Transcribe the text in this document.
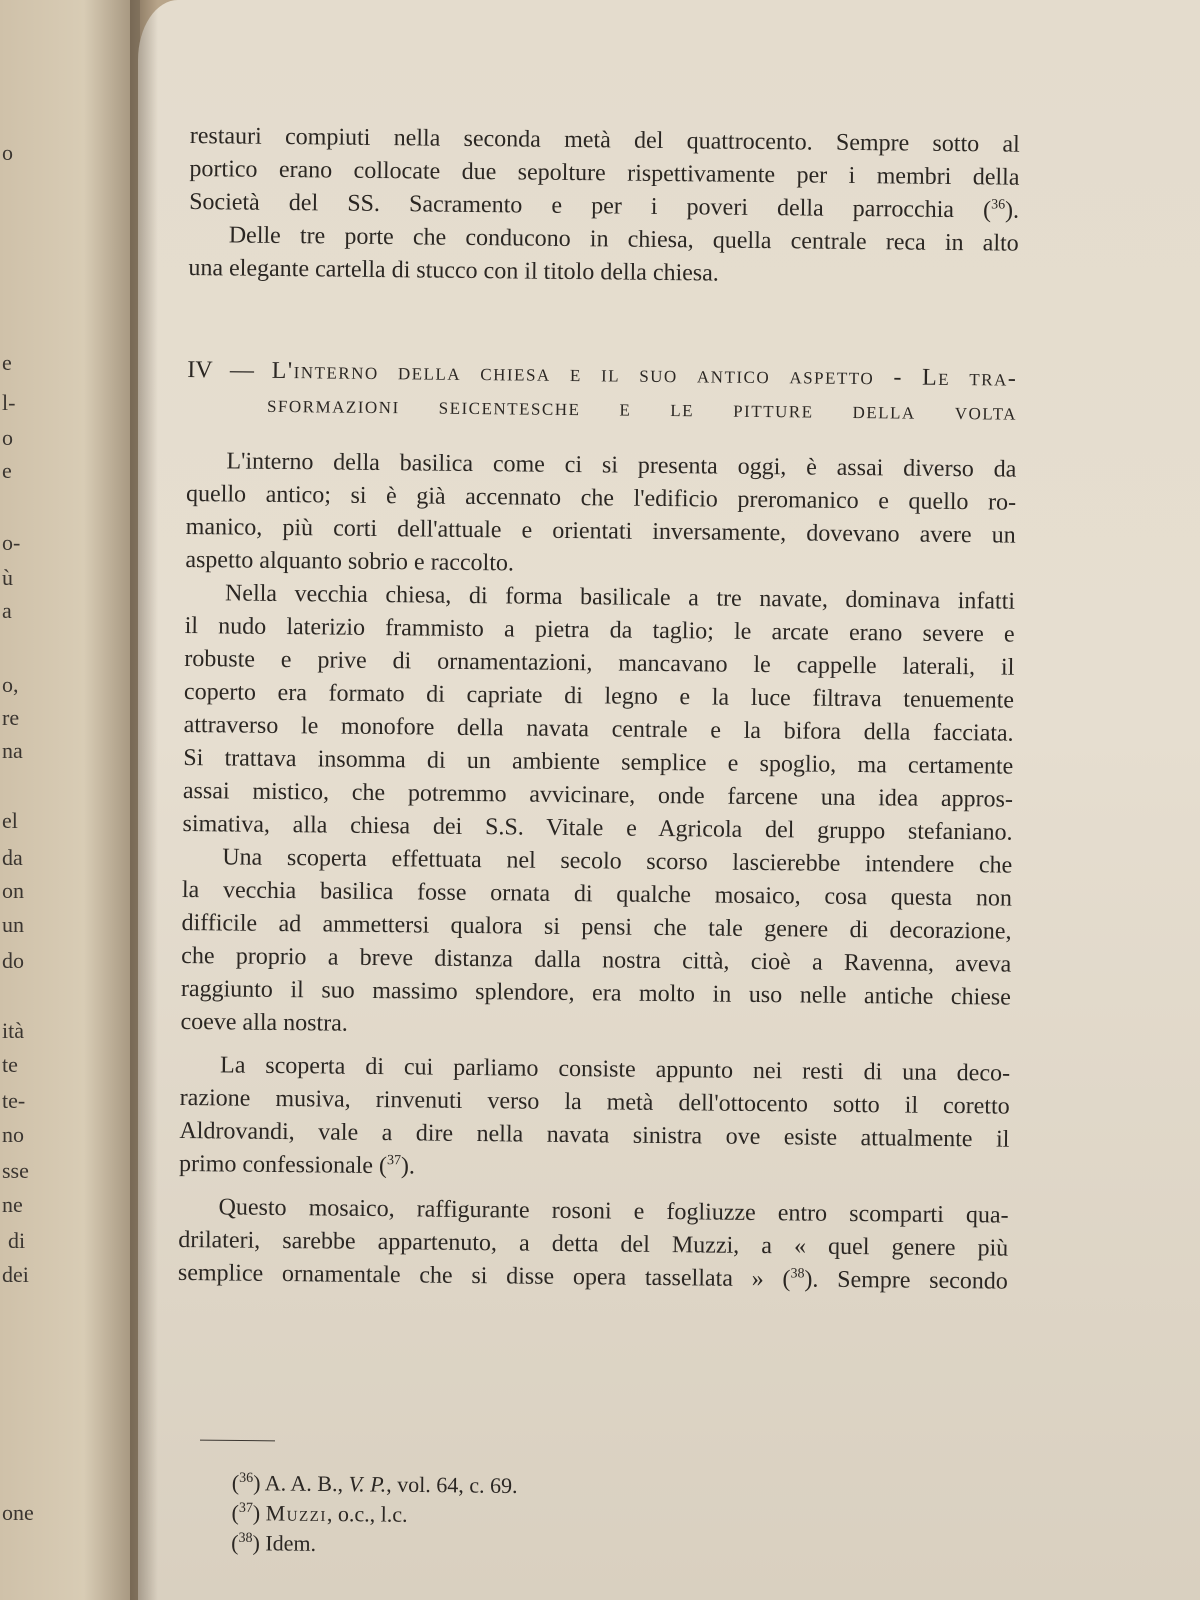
o
e
l-
o
e
o-
ù
a
o,
re
na
el
da
on
un
do
ità
te
te-
no
sse
ne
di
dei
one
restauri compiuti nella seconda metà del quattrocento. Sempre sotto al
portico erano collocate due sepolture rispettivamente per i membri della
Società del SS. Sacramento e per i poveri della parrocchia ($^{36}$).
Delle tre porte che conducono in chiesa, quella centrale reca in alto
una elegante cartella di stucco con il titolo della chiesa.
IV — L'interno della chiesa e il suo antico aspetto - Le tra-
sformazioni seicentesche e le pitture della volta
L'interno della basilica come ci si presenta oggi, è assai diverso da
quello antico; si è già accennato che l'edificio preromanico e quello ro-
manico, più corti dell'attuale e orientati inversamente, dovevano avere un
aspetto alquanto sobrio e raccolto.
Nella vecchia chiesa, di forma basilicale a tre navate, dominava infatti
il nudo laterizio frammisto a pietra da taglio; le arcate erano severe e
robuste e prive di ornamentazioni, mancavano le cappelle laterali, il
coperto era formato di capriate di legno e la luce filtrava tenuemente
attraverso le monofore della navata centrale e la bifora della facciata.
Si trattava insomma di un ambiente semplice e spoglio, ma certamente
assai mistico, che potremmo avvicinare, onde farcene una idea appros-
simativa, alla chiesa dei S.S. Vitale e Agricola del gruppo stefaniano.
Una scoperta effettuata nel secolo scorso lascierebbe intendere che
la vecchia basilica fosse ornata di qualche mosaico, cosa questa non
difficile ad ammettersi qualora si pensi che tale genere di decorazione,
che proprio a breve distanza dalla nostra città, cioè a Ravenna, aveva
raggiunto il suo massimo splendore, era molto in uso nelle antiche chiese
coeve alla nostra.
La scoperta di cui parliamo consiste appunto nei resti di una deco-
razione musiva, rinvenuti verso la metà dell'ottocento sotto il coretto
Aldrovandi, vale a dire nella navata sinistra ove esiste attualmente il
primo confessionale ($^{37}$).
Questo mosaico, raffigurante rosoni e fogliuzze entro scomparti qua-
drilateri, sarebbe appartenuto, a detta del Muzzi, a « quel genere più
semplice ornamentale che si disse opera tassellata » ($^{38}$). Sempre secondo
($^{36}$) A. A. B., V. P., vol. 64, c. 69.
($^{37}$) Muzzi, o.c., l.c.
($^{38}$) Idem.
